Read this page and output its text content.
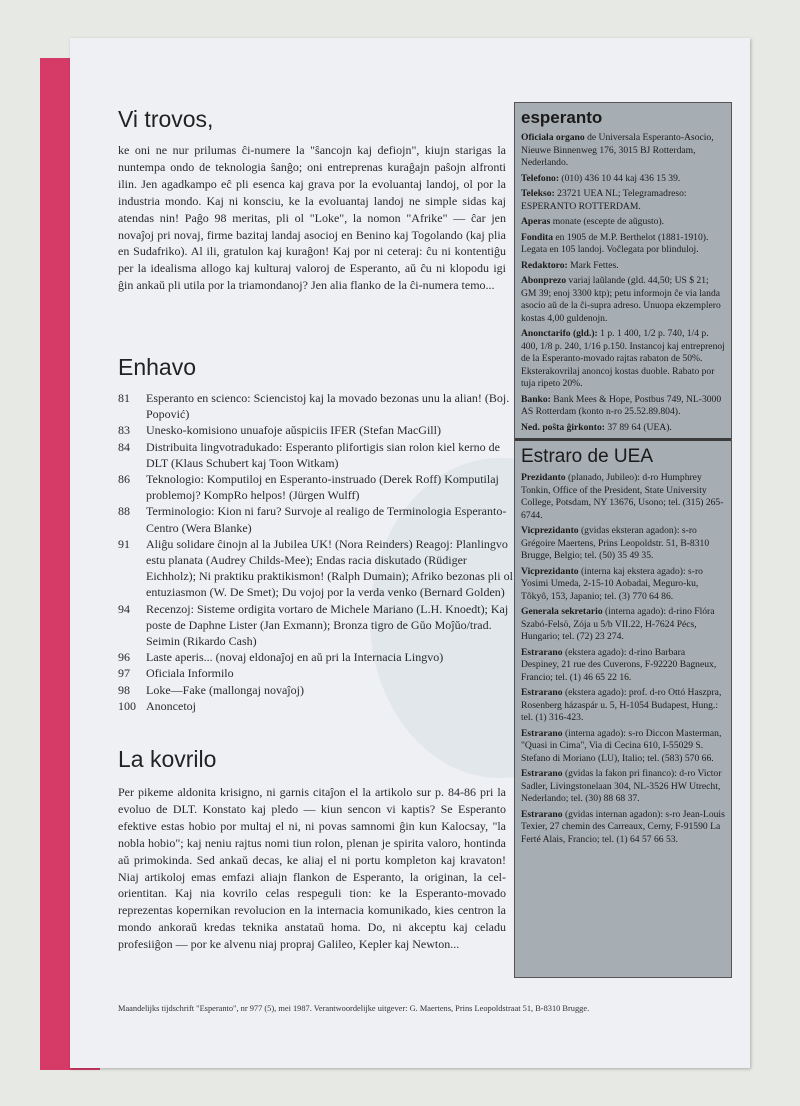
Vi trovos,

ke oni ne nur prilumas ĉi-numere la "ŝancojn kaj defiojn", kiujn starigas la nuntempa ondo de teknologia ŝanĝo; oni entreprenas kuraĝajn paŝojn alfronti ilin. Jen agadkampo eĉ pli esenca kaj grava por la evoluantaj landoj, ol por la industria mondo. Kaj ni konsciu, ke la evoluantaj landoj ne simple sidas kaj atendas nin! Paĝo 98 meritas, pli ol "Loke", la nomon "Afrike" — ĉar jen novaĵoj pri novaj, firme bazitaj landaj asocioj en Benino kaj Togolando (kaj plia en Sudafriko). Al ili, gratulon kaj kuraĝon! Kaj por ni ceteraj: ĉu ni kontentiĝu per la idealisma allogo kaj kulturaj valoroj de Esperanto, aŭ ĉu ni klopodu igi ĝin ankaŭ pli utila por la triamondanoj? Jen alia flanko de la ĉi-numera temo...

Enhavo
81	Esperanto en scienco: Sciencistoj kaj la movado bezonas unu la alian! (Boj. Popović)
83	Unesko-komisiono unuafoje aŭspiciis IFER (Stefan MacGill)
84	Distribuita lingvotradukado: Esperanto plifortigis sian rolon kiel kerno de DLT (Klaus Schubert kaj Toon Witkam)
86	Teknologio: Komputiloj en Esperanto-instruado (Derek Roff) Komputilaj problemoj? KompRo helpos! (Jürgen Wulff)
88	Terminologio: Kion ni faru? Survoje al realigo de Terminologia Esperanto-Centro (Wera Blanke)
91	Aliĝu solidare ĉinojn al la Jubilea UK! (Nora Reinders) Reagoj: Planlingvo estu planata (Audrey Childs-Mee); Endas racia diskutado (Rüdiger Eichholz); Ni praktiku praktikismon! (Ralph Dumain); Afriko bezonas pli ol entuziasmon (W. De Smet); Du vojoj por la verda venko (Bernard Golden)
94	Recenzoj: Sisteme ordigita vortaro de Michele Mariano (L.H. Knoedt); Kaj poste de Daphne Lister (Jan Exmann); Bronza tigro de Gŭo Moĵŭo/trad. Seimin (Rikardo Cash)
96	Laste aperis... (novaj eldonaĵoj en aŭ pri la Internacia Lingvo)
97	Oficiala Informilo
98	Loke—Fake (mallongaj novaĵoj)
100 Anoncetoj
La kovrilo

Per pikeme aldonita krisigno, ni garnis citaĵon el la artikolo sur p. 84-86 pri la evoluo de DLT. Konstato kaj pledo — kiun sencon vi kaptis? Se Esperanto efektive estas hobio por multaj el ni, ni povas samnomi ĝin kun Kalocsay, "la nobla hobio"; kaj neniu rajtus nomi tiun rolon, plenan je spirita valoro, hontinda aŭ primokinda. Sed ankaŭ decas, ke aliaj el ni portu kompleton kaj kravaton! Niaj artikoloj emas emfazi aliajn flankon de Esperanto, la originan, la cel-orientitan. Kaj nia kovrilo celas respeguli tion: ke la Esperanto-movado reprezentas kopernikan revolucion en la internacia komunikado, kies centron la mondo ankoraŭ kredas teknika anstataŭ homa. Do, ni akceptu kaj celadu profesiiĝon — por ke alvenu niaj propraj Galileo, Kepler kaj Newton...

esperanto
Oficiala organo de Universala Esperanto-Asocio, Nieuwe Binnenweg 176, 3015 BJ Rotterdam, Nederlando.
Telefono: (010) 436 10 44 kaj 436 15 39.
Telekso: 23721 UEA NL; Telegramadreso: ESPERANTO ROTTERDAM.
Aperas monate (escepte de aŭgusto).
Fondita en 1905 de M.P. Berthelot (1881-1910). Legata en 105 landoj. Voĉlegata por blinduloj.
Redaktoro: Mark Fettes.
Abonprezo variaj laŭlande (gld. 44,50; US $ 21; GM 39; enoj 3300 ktp); petu informojn ĉe via landa asocio aŭ de la ĉi-supra adreso. Unuopa ekzemplero kostas 4,00 guldenojn.
Anonctarifo (gld.): 1 p. 1 400, 1/2 p. 740, 1/4 p. 400, 1/8 p. 240, 1/16 p.150. Instancoj kaj entreprenoj de la Esperanto-movado rajtas rabaton de 50%. Eksterakovrilaj anoncoj kostas duoble. Rabato por tuja ripeto 20%.
Banko: Bank Mees & Hope, Postbus 749, NL-3000 AS Rotterdam (konto n-ro 25.52.89.804).
Ned. poŝta ĝirkonto: 37 89 64 (UEA).
Estraro de UEA
Prezidanto (planado, Jubileo): d-ro Humphrey Tonkin, Office of the President, State University College, Potsdam, NY 13676, Usono; tel. (315) 265-6744.
Vicprezidanto (gvidas eksteran agadon): s-ro Grégoire Maertens, Prins Leopoldstr. 51, B-8310 Brugge, Belgio; tel. (50) 35 49 35.
Vicprezidanto (interna kaj ekstera agado): s-ro Yosimi Umeda, 2-15-10 Aobadai, Meguro-ku, Tôkyô, 153, Japanio; tel. (3) 770 64 86.
Generala sekretario (interna agado): d-rino Flóra Szabó-Felsö, Zója u 5/b VII.22, H-7624 Pécs, Hungario; tel. (72) 23 274.
Estrarano (ekstera agado): d-rino Barbara Despiney, 21 rue des Cuverons, F-92220 Bagneux, Francio; tel. (1) 46 65 22 16.
Estrarano (ekstera agado): prof. d-ro Ottó Haszpra, Rosenberg házaspár u. 5, H-1054 Budapest, Hung.: tel. (1) 316-423.
Estrarano (interna agado): s-ro Diccon Masterman, "Quasi in Cima", Via di Cecina 610, I-55029 S. Stefano di Moriano (LU), Italio; tel. (583) 570 66.
Estrarano (gvidas la fakon pri financo): d-ro Victor Sadler, Livingstonelaan 304, NL-3526 HW Utrecht, Nederlando; tel. (30) 88 68 37.
Estrarano (gvidas internan agadon): s-ro Jean-Louis Texier, 27 chemin des Carreaux, Cerny, F-91590 La Ferté Alais, Francio; tel. (1) 64 57 66 53.
Maandelijks tijdschrift "Esperanto", nr 977 (5), mei 1987. Verantwoordelijke uitgever: G. Maertens, Prins Leopoldstraat 51, B-8310 Brugge.
